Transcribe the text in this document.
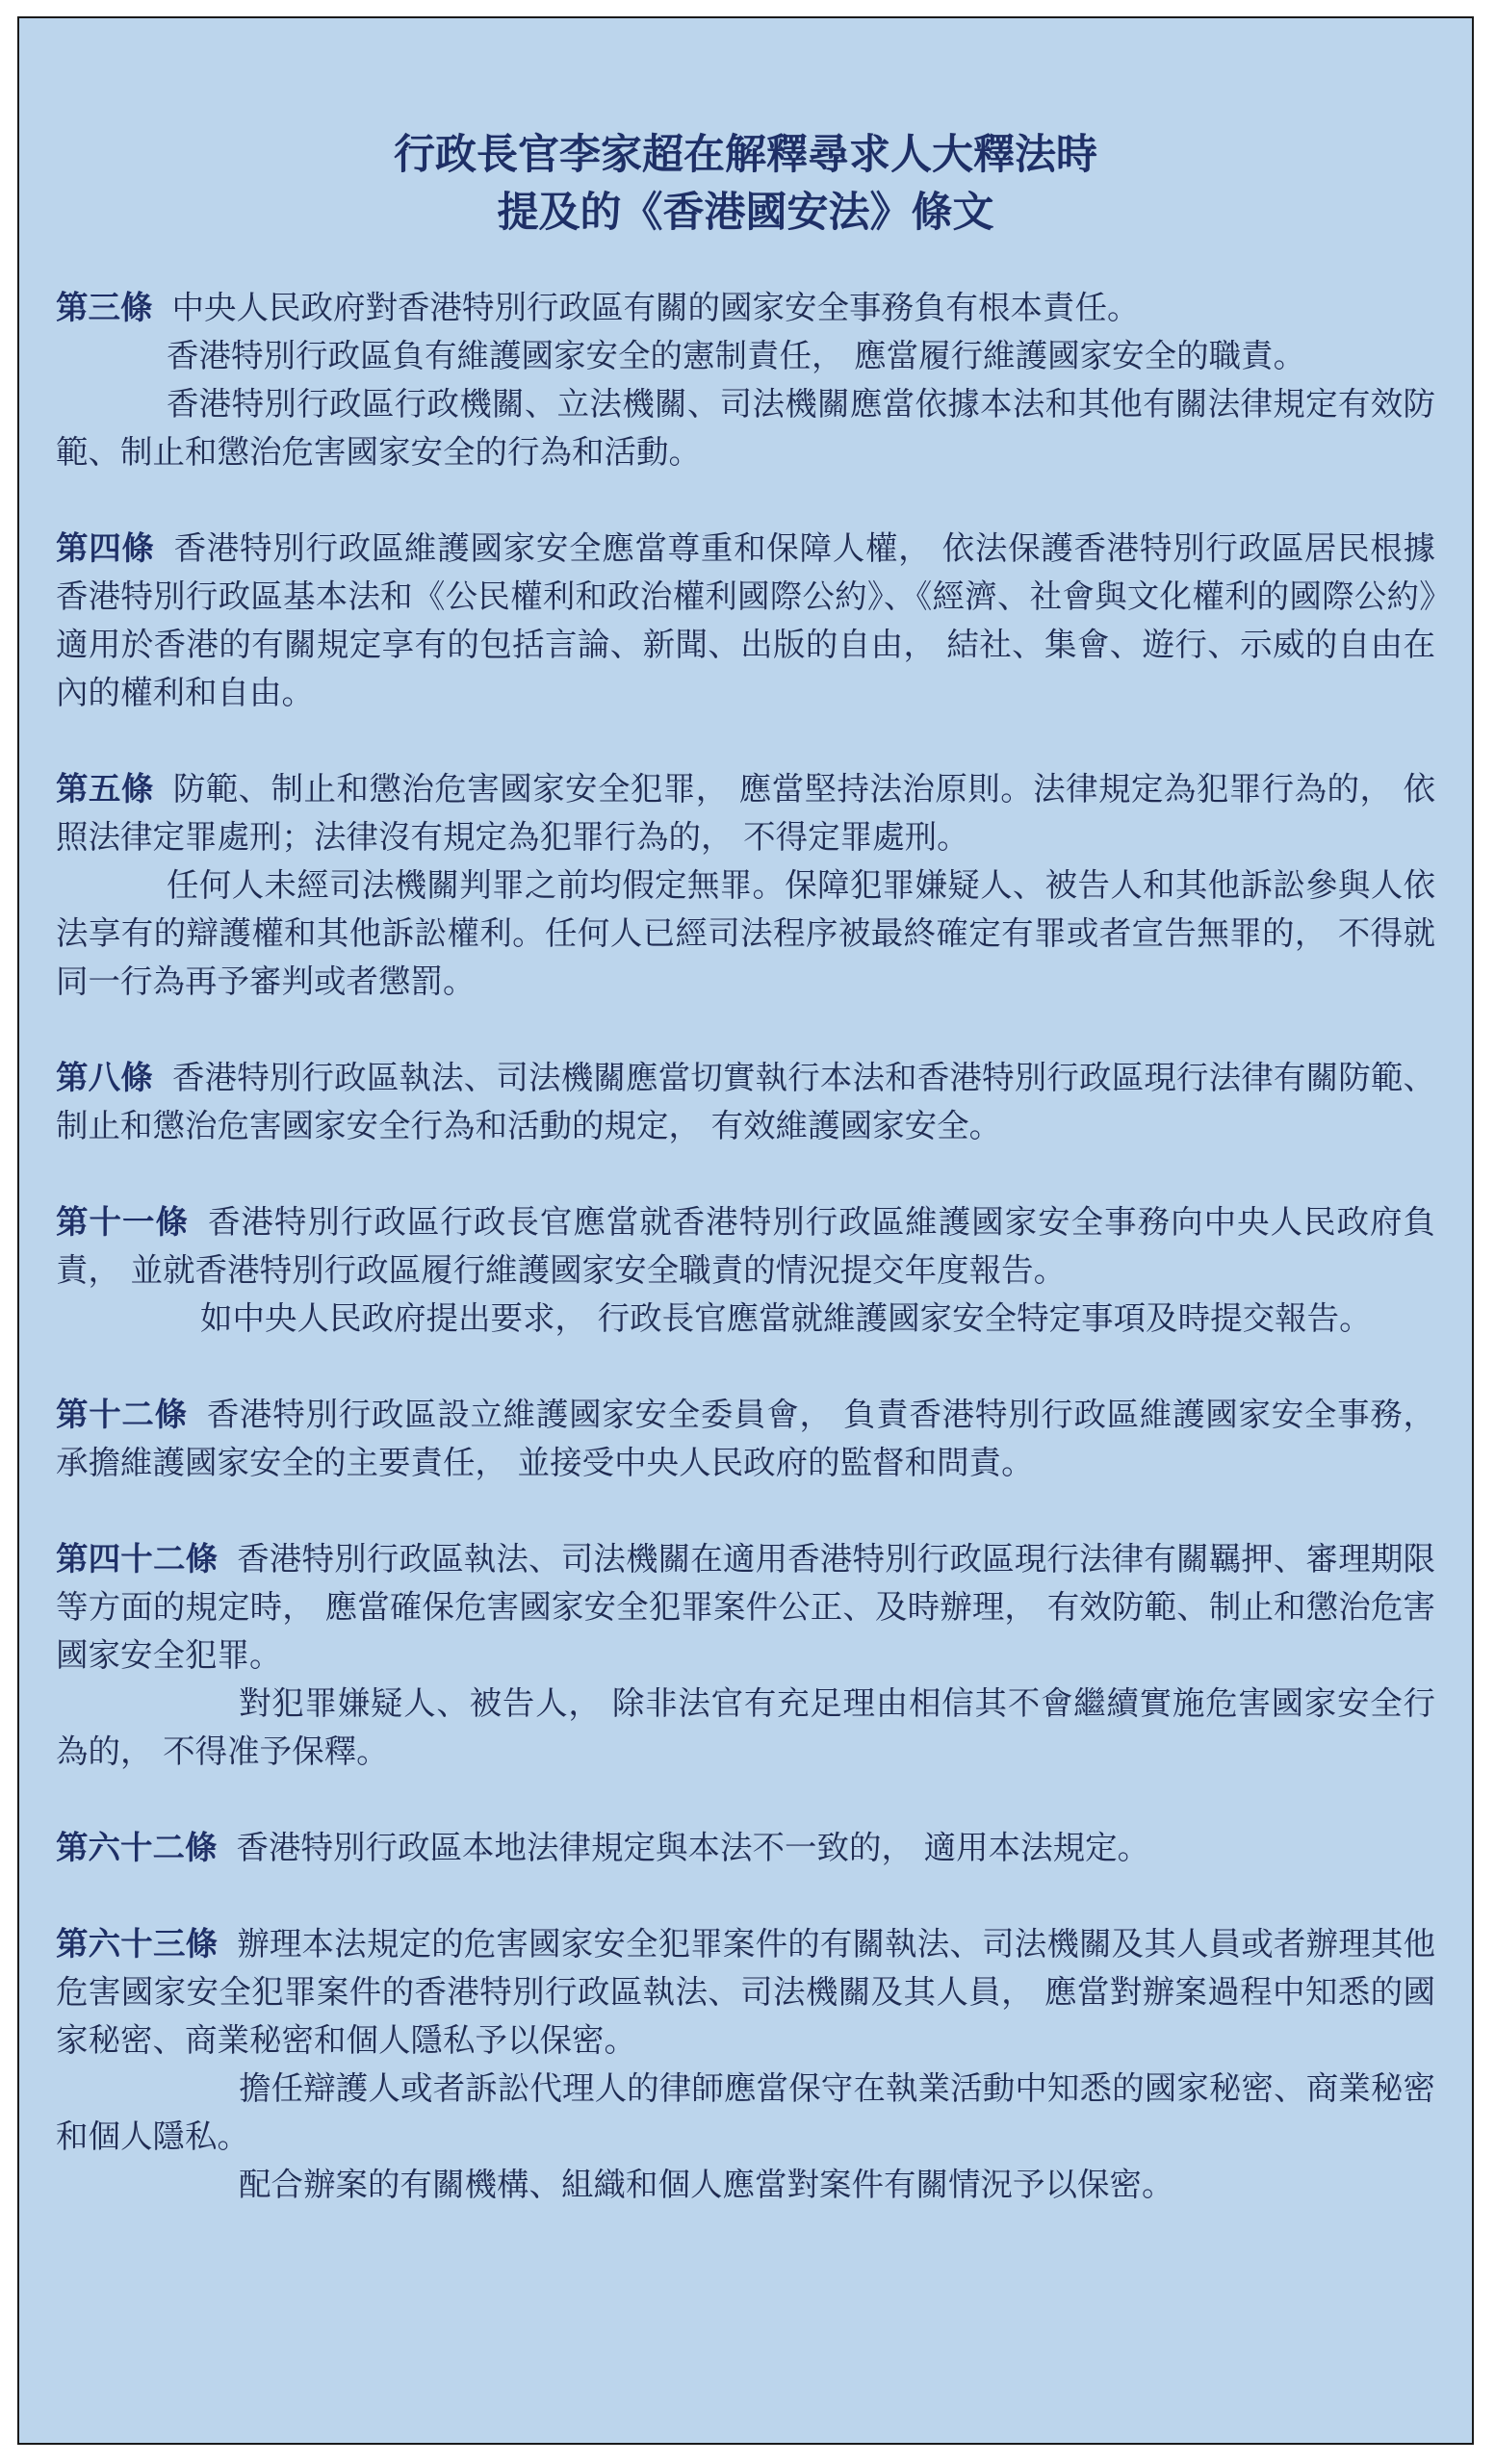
行政長官李家超在解釋尋求人大釋法時
提及的《香港國安法》條文

第三條 中央人民政府對香港特別行政區有關的國家安全事務負有根本責任。

香港特別行政區負有維護國家安全的憲制責任， 應當履行維護國家安全的職責。

香港特別行政區行政機關、立法機關、司法機關應當依據本法和其他有關法律規定有效防範、制止和懲治危害國家安全的行為和活動。

第四條 香港特別行政區維護國家安全應當尊重和保障人權， 依法保護香港特別行政區居民根據香港特別行政區基本法和《公民權利和政治權利國際公約》、《經濟、社會與文化權利的國際公約》適用於香港的有關規定享有的包括言論、新聞、出版的自由， 結社、集會、遊行、示威的自由在內的權利和自由。

第五條 防範、制止和懲治危害國家安全犯罪， 應當堅持法治原則。法律規定為犯罪行為的， 依照法律定罪處刑；法律沒有規定為犯罪行為的， 不得定罪處刑。

任何人未經司法機關判罪之前均假定無罪。保障犯罪嫌疑人、被告人和其他訴訟參與人依法享有的辯護權和其他訴訟權利。任何人已經司法程序被最終確定有罪或者宣告無罪的， 不得就同一行為再予審判或者懲罰。

第八條 香港特別行政區執法、司法機關應當切實執行本法和香港特別行政區現行法律有關防範、制止和懲治危害國家安全行為和活動的規定， 有效維護國家安全。

第十一條 香港特別行政區行政長官應當就香港特別行政區維護國家安全事務向中央人民政府負責， 並就香港特別行政區履行維護國家安全職責的情況提交年度報告。

如中央人民政府提出要求， 行政長官應當就維護國家安全特定事項及時提交報告。

第十二條 香港特別行政區設立維護國家安全委員會， 負責香港特別行政區維護國家安全事務， 承擔維護國家安全的主要責任， 並接受中央人民政府的監督和問責。

第四十二條 香港特別行政區執法、司法機關在適用香港特別行政區現行法律有關羈押、審理期限等方面的規定時， 應當確保危害國家安全犯罪案件公正、及時辦理， 有效防範、制止和懲治危害國家安全犯罪。

對犯罪嫌疑人、被告人， 除非法官有充足理由相信其不會繼續實施危害國家安全行為的， 不得准予保釋。

第六十二條 香港特別行政區本地法律規定與本法不一致的， 適用本法規定。

第六十三條 辦理本法規定的危害國家安全犯罪案件的有關執法、司法機關及其人員或者辦理其他危害國家安全犯罪案件的香港特別行政區執法、司法機關及其人員， 應當對辦案過程中知悉的國家秘密、商業秘密和個人隱私予以保密。

擔任辯護人或者訴訟代理人的律師應當保守在執業活動中知悉的國家秘密、商業秘密和個人隱私。

配合辦案的有關機構、組織和個人應當對案件有關情況予以保密。
